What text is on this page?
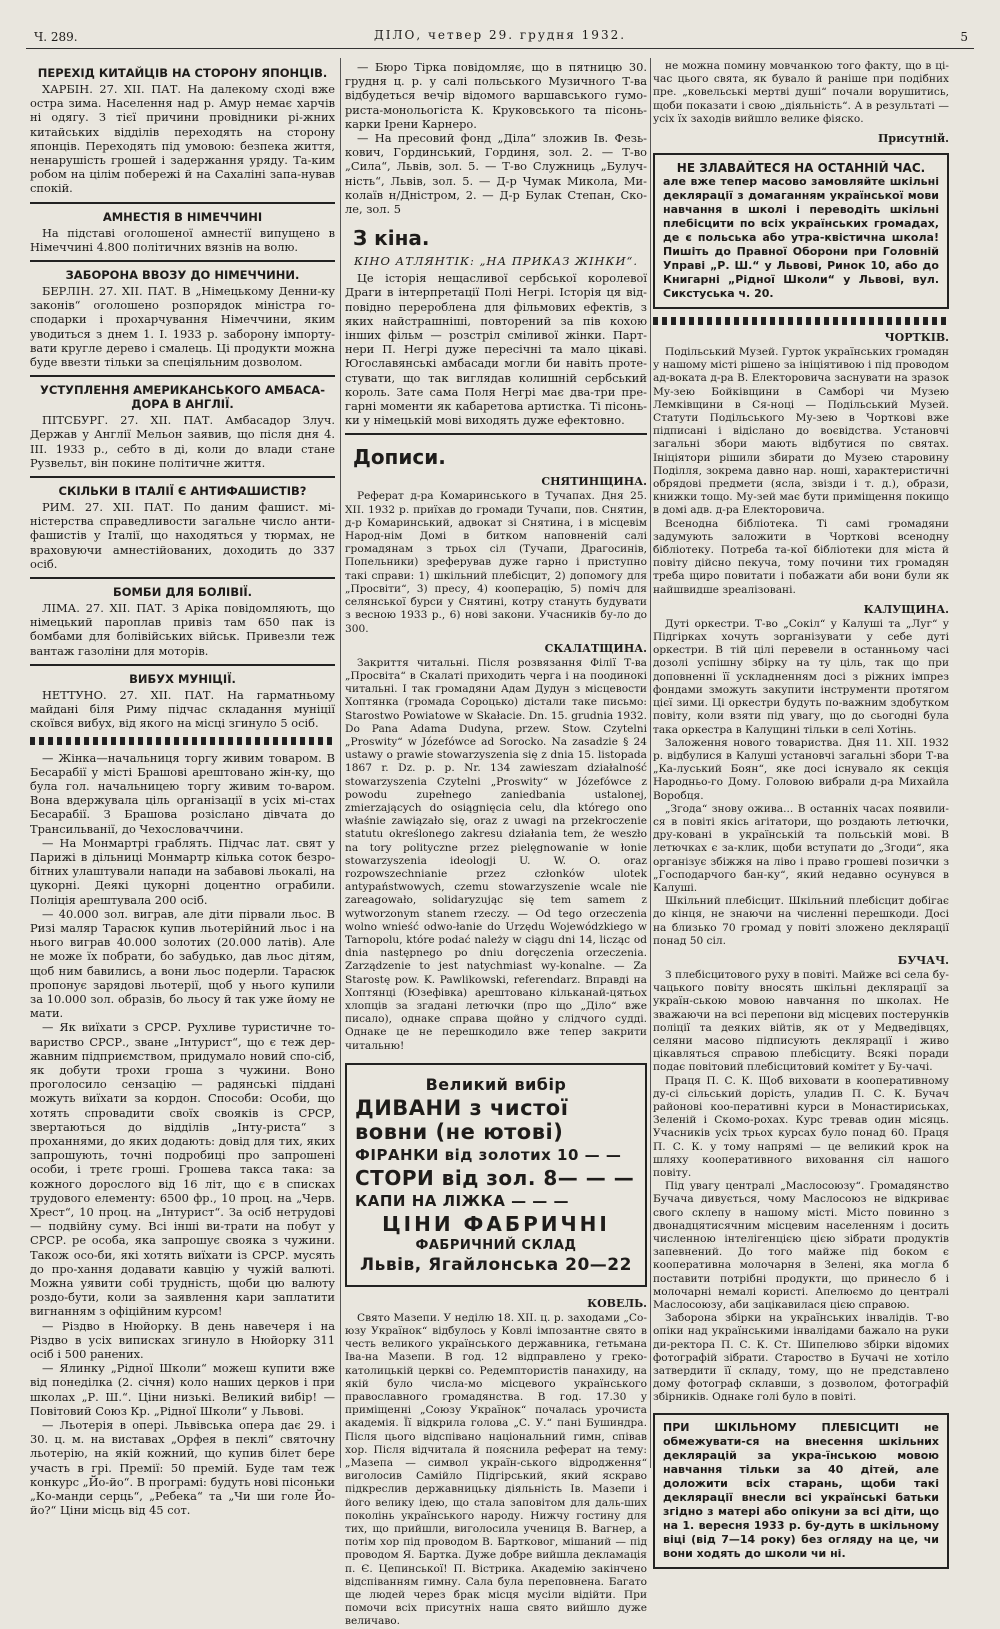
Ч. 289.	ДІЛО, четвер 29. грудня 1932.	5
ПЕРЕХІД КИТАЙЦІВ НА СТОРОНУ ЯПОНЦІВ.

ХАРБІН. 27. XII. ПАТ. На далекому сході вже остра зима. Населення над р. Амур немає харчів ні одягу. З тієї причини провідники рі-жних китайських відділів переходять на сторону японців. Переходять під умовою: безпека життя, ненарушість грошей і задержання уряду. Та-ким робом на цілім побережі й на Сахаліні запа-нував спокій.

АМНЕСТІЯ В НІМЕЧЧИНІ

На підставі оголошеної амнестії випущено в Німеччині 4.800 політичних вязнів на волю.

ЗАБОРОНА ВВОЗУ ДО НІМЕЧЧИНИ.

БЕРЛІН. 27. XII. ПАТ. В „Німецькому Денни-ку законів“ оголошено розпорядок міністра го-сподарки і прохарчування Німеччини, яким уводиться з днем 1. І. 1933 р. заборону імпорту-вати кругле дерево і смалець. Ці продукти можна буде ввезти тільки за спеціяльним дозволом.

УСТУПЛЕННЯ АМЕРИКАНСЬКОГО АМБАСА-ДОРА В АНГЛІЇ.

ПІТСБУРГ. 27. XII. ПАТ. Амбасадор Злуч. Держав у Англії Мельон заявив, що після дня 4. III. 1933 р., себто в ді, коли до влади стане Рузвельт, він покине політичне життя.

СКІЛЬКИ В ІТАЛІЇ Є АНТИФАШИСТІВ?

РИМ. 27. XII. ПАТ. По даним фашист. мі-ністерства справедливости загальне число анти-фашистів у Італії, що находяться у тюрмах, не враховуючи амнестійованих, доходить до 337 осіб.

БОМБИ ДЛЯ БОЛІВІЇ.

ЛІМА. 27. XII. ПАТ. З Аріка повідомляють, що німецький пароплав привіз там 650 пак із бомбами для болівійських військ. Привезли теж вантаж газоліни для моторів.

ВИБУХ МУНІЦІЇ.

НЕТТУНО. 27. XII. ПАТ. На гарматньому майдані біля Риму підчас складання муніції скоївся вибух, від якого на місці згинуло 5 осіб.

— Жінка—начальниця торгу живим товаром. В Бесарабії у місті Брашові арештовано жін-ку, що була гол. начальницею торгу живим то-варом. Вона вдержувала ціль організації в усіх мі-стах Бесарабії. З Брашова розіслано дівчата до Трансильванії, до Чехословаччини.

— На Монмартрі граблять. Підчас лат. свят у Парижі в дільниці Монмартр кілька соток безро-бітних улаштували напади на забавові льокалі, на цукорні. Деякі цукорні доцентно ограбили. Поліція арештувала 200 осіб.

— 40.000 зол. виграв, але діти пірвали льос. В Ризі маляр Тарасюк купив льотерійний льос і на нього виграв 40.000 золотих (20.000 латів). Але не може їх побрати, бо забудько, дав льос дітям, щоб ним бавились, а вони льос подерли. Тарасюк пропонує зарядові льотерії, щоб у нього купили за 10.000 зол. обрaзів, бо льосу й так уже йому не мати.

— Як виїхати з СРСР. Рухливе туристичне то-вариство СРСР., зване „Інтурист“, що є теж дер-жавним підприємством, придумало новий спо-сіб, як добути трохи гроша з чужини. Воно проголосило сензацію — радянські підданi можуть виїхати за кордон. Способи: Особи, що хотять спровадити своїх свояків із СРСР, звертаються до відділів „Інту-риста“ з проханнями, до яких додають: довід для тих, яких запрошують, точні подробиці про запрошені особи, і третє гроші. Грошева такса така: за кожного дорослого від 16 літ, що є в списках трудового елементу: 6500 фр., 10 проц. на „Черв. Хрест“, 10 проц. на „Інтурист“. За осіб нетрудові — подвійну суму. Всі інші ви-трати на побут у СРСР. ре особа, яка запрошує свояка з чужини. Також осо-би, які хотять виїхати із СРСР. мусять до про-хання додавати кавцію у чужій валюті. Можна уявити собі трудність, щоби цю валюту роздо-бути, коли за заявлення кари заплатити вигнанням з офіційним курсом!

— Різдво в Нюйорку. В день навечеря і на Різдво в усіх виписках згинуло в Нюйорку 311 осіб і 500 ранених.

— Ялинку „Рідної Школи“ можеш купити вже від понеділка (2. січня) коло наших церков і при школах „Р. Ш.“. Ціни низькі. Великий вибір! — Повітовий Союз Кр. „Рідної Школи“ у Львові.

— Льотерія в опері. Львівська опера дає 29. і 30. ц. м. на виставах „Орфея в пеклі“ святочну льотерію, на якій кожний, що купив білет бере участь в грі. Премії: 50 премій. Буде там теж конкурс „Йо-йо“. В програмі: будуть нові пісоньки „Ко-манди серць“, „Ребека“ та „Чи ши голе Йо-йо?“ Ціни місць від 45 сот.

— Бюро Тірка повідомляє, що в пятницю 30. грудня ц. р. у салі польського Музичного Т-ва відбудеться вечір відомого варшавського гумо-риста-монольогіста К. Круковського та пісонь-карки Ірени Карнеро.

— На пресовий фонд „Діла“ зложив Ів. Фезь-кович, Гординський, Гординя, зол. 2. — Т-во „Сила“, Львів, зол. 5. — Т-во Служниць „Булуч-ність“, Львів, зол. 5. — Д-р Чумак Микола, Ми-колаїв н/Дністром, 2. — Д-р Булак Степан, Ско-ле, зол. 5

З кіна.
КІНО АТЛЯНТІК: „НА ПРИКАЗ ЖІНКИ“.

Це історія нещасливої сербської королевої Драги в інтерпретації Полі Негрі. Історія ця від-повідно перероблена для фільмових ефектів, з яких найстрашніші, повторений за пів кохою інших фільм — розстріл сміливої жінки. Парт-нери П. Негрі дуже пересічні та мало цікаві. Югославянські амбасади могли би навіть проте-стувати, що так виглядав колишній сербський король. Зате сама Поля Негрі має два-три пре-гарні моменти як кабаретова артистка. Ті пісонь-ки у німецькій мові виходять дуже ефектовно.

Дописи.
СНЯТИНЩИНА.

Реферат д-ра Комаринського в Тучапах. Дня 25. XII. 1932 р. приїхав до громади Тучапи, пов. Снятин, д-р Комаринський, адвокат зі Снятина, і в місцевім Народ-нім Домі в битком наповненій салі громадянам з трьох сіл (Тучапи, Драгосинів, Попельники) зреферував дуже гарно і приступно такі справи: 1) шкільний плебісцит, 2) допомогу для „Просвіти“, 3) пресу, 4) кооперацію, 5) поміч для селянської бурси у Снятині, котру стануть будувати з весною 1933 р., 6) нові закони. Учасників бу-ло до 300.

СКАЛАТЩИНА.

Закриття читальні. Після розвязання Філії Т-ва „Просвіта“ в Скалаті приходить черга і на поодинокі читальні. І так громадяни Адам Дудун з місцевости Хоптянка (громада Сороцько) дістали таке письмо: Starostwo Powiatowe w Skałacie. Dn. 15. grudnia 1932. Do Pana Adama Dudyna, przew. Stow. Czytelni „Proswity“ w Józefówce ad Sorocko. Na zasadzie § 24 ustawy o prawie stowarzyszenia się z dnia 15. listopada 1867 r. Dz. p. p. Nr. 134 zawieszam działalność stowarzyszenia Czytelni „Proswity“ w Józefówce z powodu zupełnego zaniedbania ustalonej, zmierzających do osiągnięcia celu, dla którego ono właśnie zawiązało się, oraz z uwagi na przekroczenie statutu określonego zakresu działania tem, że weszło na tory polityczne przez pielęgnowanie w łonie stowarzyszenia ideologji U. W. O. oraz rozpowszechnianie przez członków ulotek antypaństwowych, czemu stowarzyszenie wcale nie zareagowało, solidaryzując się tem samem z wytworzonym stanem rzeczy. — Od tego orzeczenia wolno wnieść odwo-łanie do Urzędu Wojewódzkiego w Tarnopolu, które podać należy w ciągu dni 14, licząc od dnia następnego po dniu doręczenia orzeczenia. Zarządzenie to jest natychmiast wy-konalne. — Za Starostę pow. K. Pawlikowski, referendarz. Вправді на Хоптянці (Юзефівка) арештовано кільканай-цятьох хлопців за згадані летючки (про що „Діло“ вже писало), однаке справа щойно у слідчого судді. Однаке це не перешкодило вже тепер закрити читальню!

Великий вибір
ДИВАНИ з чистої вовни (не ютові)
ФІРАНКИ від золотих 10 — —
СТОРИ від зол. 8— — —
КАПИ НА ЛІЖКА — — —
ЦІНИ ФАБРИЧНІ
ФАБРИЧНИЙ СКЛАД
Львів, Ягайлонська 20—22
КОВЕЛЬ.

Свято Мазепи. У неділю 18. XII. ц. р. заходами „Со-юзу Українок“ відбулось у Ковлі імпозантне свято в честь великого українського державника, гетьмана Іва-на Мазепи. В год. 12 відправлено у греко-католицькій церкві со. Редемптористів панахиду, на якій було числа-мо місцевого українського православного громадянства. В год. 17.30 у приміщенні „Союзу Українок“ почалась урочиста академія. Її відкрила голова „С. У.“ пані Бушиндра. Після цього відспівано національний гимн, співав хор. Після відчитала й пояснила реферат на тему: „Мазепа — символ україн-ського відродження“ виголосив Самійло Підгірський, який яскраво підкреслив державницьку діяльність Ів. Мазепи і його велику ідею, що стала заповітом для даль-ших поколінь українського народу. Нижчу гостину для тих, що прийшли, виголосила учениця В. Вагнер, а потім хор під проводом В. Бартковог, мішаний — під проводом Я. Бартка. Дуже добре вийшла декламація п. Є. Цепинської! П. Вістрика. Академію закінчено відспіванням гимну. Сала була переповнена. Багато ще людей через брак місця мусіли відійти. При помочи всіх присутніх наша свято вийшло дуже величаво.

не можна помину мовчанкою того факту, що в ці-час цього свята, як бувало й раніше при подібних пре. „ковельські мертві душі“ почали ворушитись, щоби показати і свою „діяльність“. А в результаті — усіх їх заходів вийшло велике фіяско.

Присутній.
НЕ ЗЛАВАЙТЕСЯ НА ОСТАННІЙ ЧАС.
але вже тепер масово замовляйте шкільні деклярації з домаганням української мови навчання в школі і переводіть шкільні плебісцити по всіх українських громадах, де є польська або утра-квістична школа! Пишіть до Правної Оборони при Головній Управі „Р. Ш.“ у Львові, Ринок 10, або до Книгарні „Рідної Школи“ у Львові, вул. Сикстуська ч. 20.
ЧОРТКІВ.

Подільський Музей. Гурток українських громадян у нашому місті рішено за ініціятивою і під проводом ад-воката д-ра В. Електоровича заснувати на зразок Му-зею Бойківщини в Самборі чи Музею Лемківщини в Ся-ноці — Подільський Музей. Статути Подільського Му-зею в Чорткові вже підписані і відіслано до воєвідства. Установчі загальні збори мають відбутися по святах. Ініціятори рішили збирати до Музею старовину Поділля, зокрема давно нар. ноші, характеристичні обрядові предмети (ясла, звізди і т. д.), образи, книжки тощо. Му-зей має бути приміщення покищо в домі адв. д-ра Електоровича.

Всенодна бібліотека. Ті самі громадяни задумують заложити в Чорткові всенодну бібліотеку. Потреба та-кої бібліотеки для міста й повіту дійсно пекуча, тому почини тих громадян треба щиро повитати і побажати аби вони були як найшвидше зреалізовані.

КАЛУЩИНА.

Дуті оркестри. Т-во „Сокіл“ у Калуші та „Луг“ у Підгірках хочуть зорганізувати у себе дуті оркестри. В тій цілі перевели в останньому часі дозолі успішну збірку на ту ціль, так що при доповненні її ускладненням досі з ріжних імпрез фондами зможуть закупити інструменти протягом цієї зими. Ці оркестри будуть по-важним здобутком повіту, коли взяти під увагу, що до сьогодні була така оркестра в Калущині тільки в селі Хотінь.

Заложення нового товариства. Дня 11. XII. 1932 р. відбулися в Калуші установчі загальні збори Т-ва „Ка-луський Боян“, яке досі існувало як секція Народньо-го Дому. Головою вибрали д-ра Михайла Воробця.

„Згода“ знову ожива... В останніх часах появили-ся в повіті якісь агітатори, що роздають летючки, дру-ковані в українській та польській мові. В летючках є за-клик, щоби вступати до „Згоди“, яка організує збіжжя на ліво і право грошеві позички з „Господарчого бан-ку“, який недавно осунувся в Калуші.

Шкільний плебісцит. Шкільний плебісцит добігає до кінця, не знаючи на численні перешкоди. Досі на близько 70 громад у повіті зложено деклярації понад 50 сіл.

БУЧАЧ.

З плебісцитового руху в повіті. Майже всі села бу-чацького повіту вносять шкільні деклярації за україн-ською мовою навчання по школах. Не зважаючи на всі перепони від місцевих постерунків поліції та деяких війтів, як от у Медведівцях, селяни масово підписують деклярації і живо цікавляться справою плебісциту. Всякі поради подає повітовий плебісцитовий комітет у Бу-чачі.

Праця П. С. К. Щоб виховати в кооперативному ду-сі сільський дорість, уладив П. С. К. Бучач районові коо-перативні курси в Монастириськах, Зеленій і Скомо-рохах. Курс тревав один місяць. Учасників усіх трьох курсах було понад 60. Праця П. С. К. у тому напрямі — це великий крок на шляху кооперативного виховання сіл нашого повіту.

Під увагу централі „Маслосоюзу“. Громадянство Бучача дивується, чому Маслосоюз не відкриває свого склепу в нашому місті. Місто повинно з двонадцятисячним місцевим населенням і досить численною інтелігенцією цією зібрати продуктів запевнений. До того майже під боком є кооперативна молочарня в Зелені, яка могла б поставити потрібні продукти, що принесло б і молочарні немалі користі. Апелюємо до централі Маслосоюзу, аби зацікавилася цією справою.

Заборона збірки на українських інвалідів. Т-во опіки над українськими інвалідами бажало на руки ди-ректора П. С. К. Ст. Шипелюво збірки відомих фотографій зібрати. Староство в Бучачі не хотіло затвердити її складу, тому, що не представлено дому фотограф склавши, з дозволом, фотографій збірників. Однаке голі було в повіті.

ПРИ ШКІЛЬНОМУ ПЛЕБІСЦИТІ не обмежувати-ся на внесення шкільних деклярацій за укра-їнською мовою навчання тільки за 40 дітей, але доложити всіх старань, щоби такі деклярації внесли всі українські батьки згідно з матері або опікуни за всі діти, що на 1. вересня 1933 р. бу-дуть в шкільному віці (від 7—14 року) без огляду на це, чи вони ходять до школи чи ні.
